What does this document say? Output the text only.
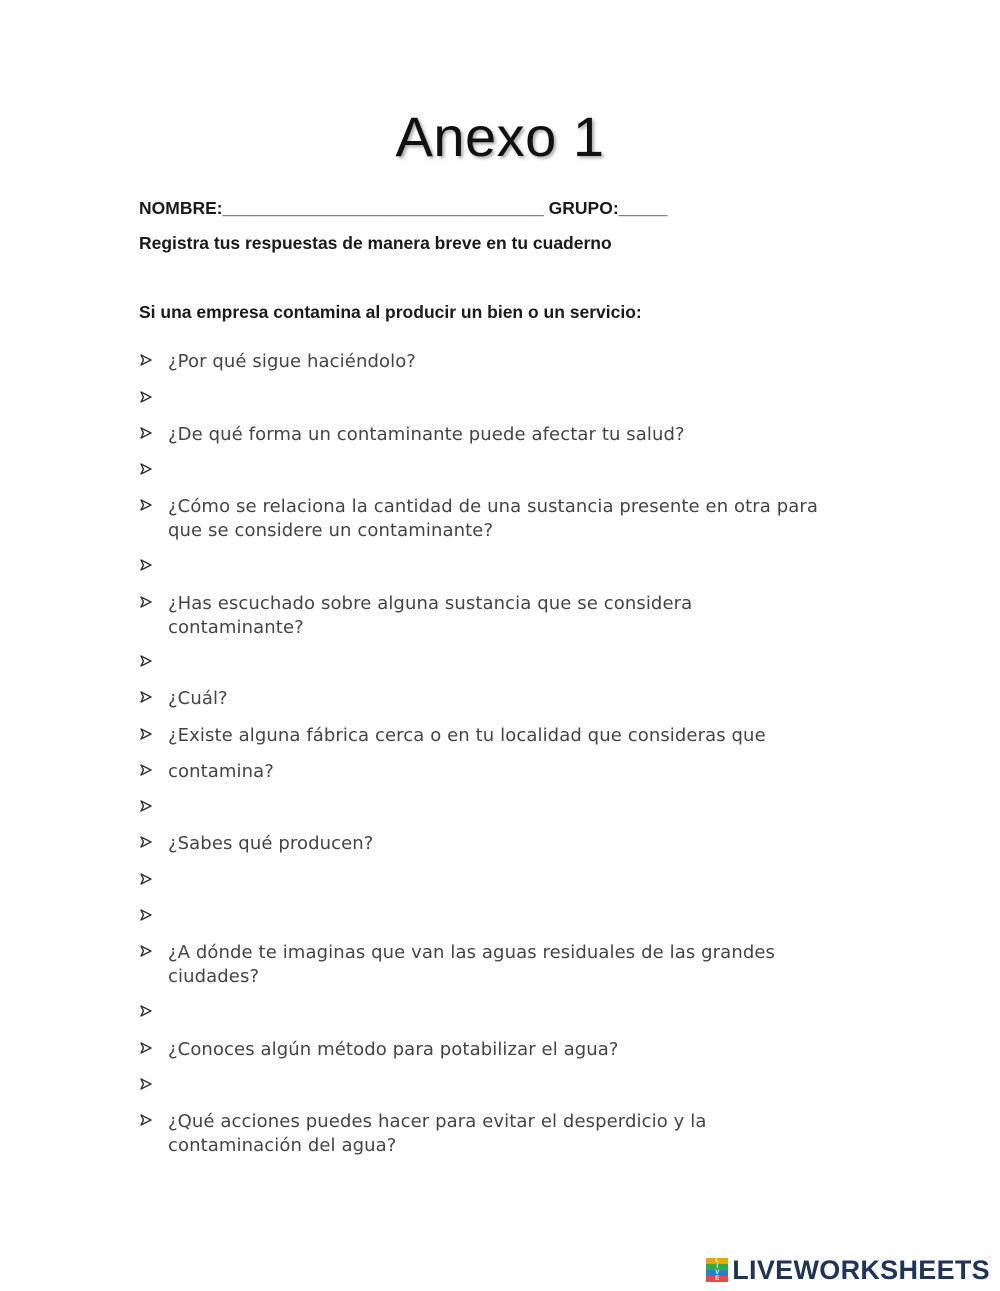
Anexo 1
NOMBRE:_________________________________ GRUPO:_____
Registra tus respuestas de manera breve en tu cuaderno
Si una empresa contamina al producir un bien o un servicio:
¿Por qué sigue haciéndolo?
¿De qué forma un contaminante puede afectar tu salud?
¿Cómo se relaciona la cantidad de una sustancia presente en otra para que se considere un contaminante?
¿Has escuchado sobre alguna sustancia que se considera contaminante?
¿Cuál?
¿Existe alguna fábrica cerca o en tu localidad que consideras que
contamina?
¿Sabes qué producen?
¿A dónde te imaginas que van las aguas residuales de las grandes ciudades?
¿Conoces algún método para potabilizar el agua?
¿Qué acciones puedes hacer para evitar el desperdicio y la contaminación del agua?
L
I
V
E LIVEWORKSHEETS
